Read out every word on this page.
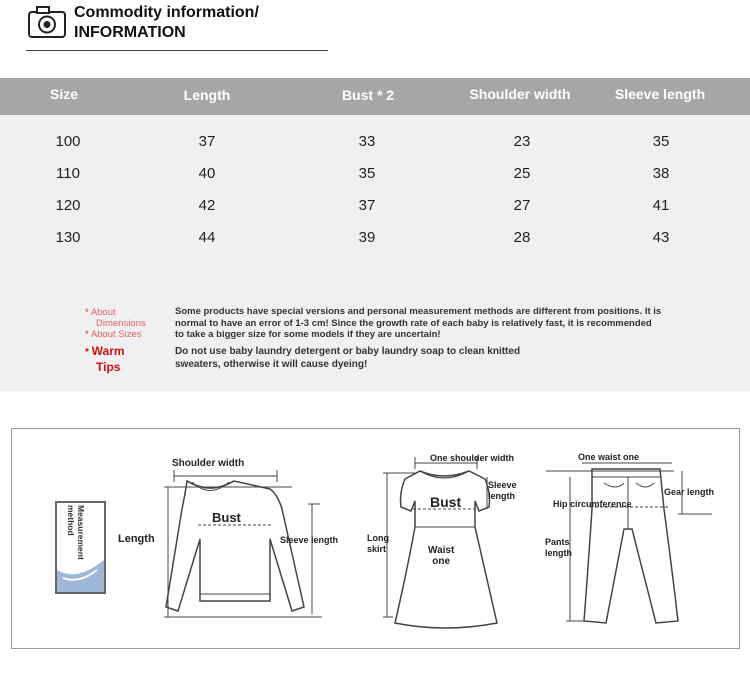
Commodity information/
INFORMATION
Size	Length	Bust * 2	Shoulder width	Sleeve length
100	37	33	23	35
110	40	35	25	38
120	42	37	27	41
130	44	39	28	43
* About
Dimensions
* About Sizes
Some products have special versions and personal measurement methods are different from positions. It is
normal to have an error of 1-3 cm! Since the growth rate of each baby is relatively fast, it is recommended
to take a bigger size for some models if they are uncertain!
* Warm
Tips
Do not use baby laundry detergent or baby laundry soap to clean knitted
sweaters, otherwise it will cause dyeing!
Measurement
method
Shoulder width
Bust
Length	Sleeve length
One shoulder width
Sleeve
length
Bust
Long
skirt	Waist
one
One waist one
Hip circumference
Gear length
Pants
length
